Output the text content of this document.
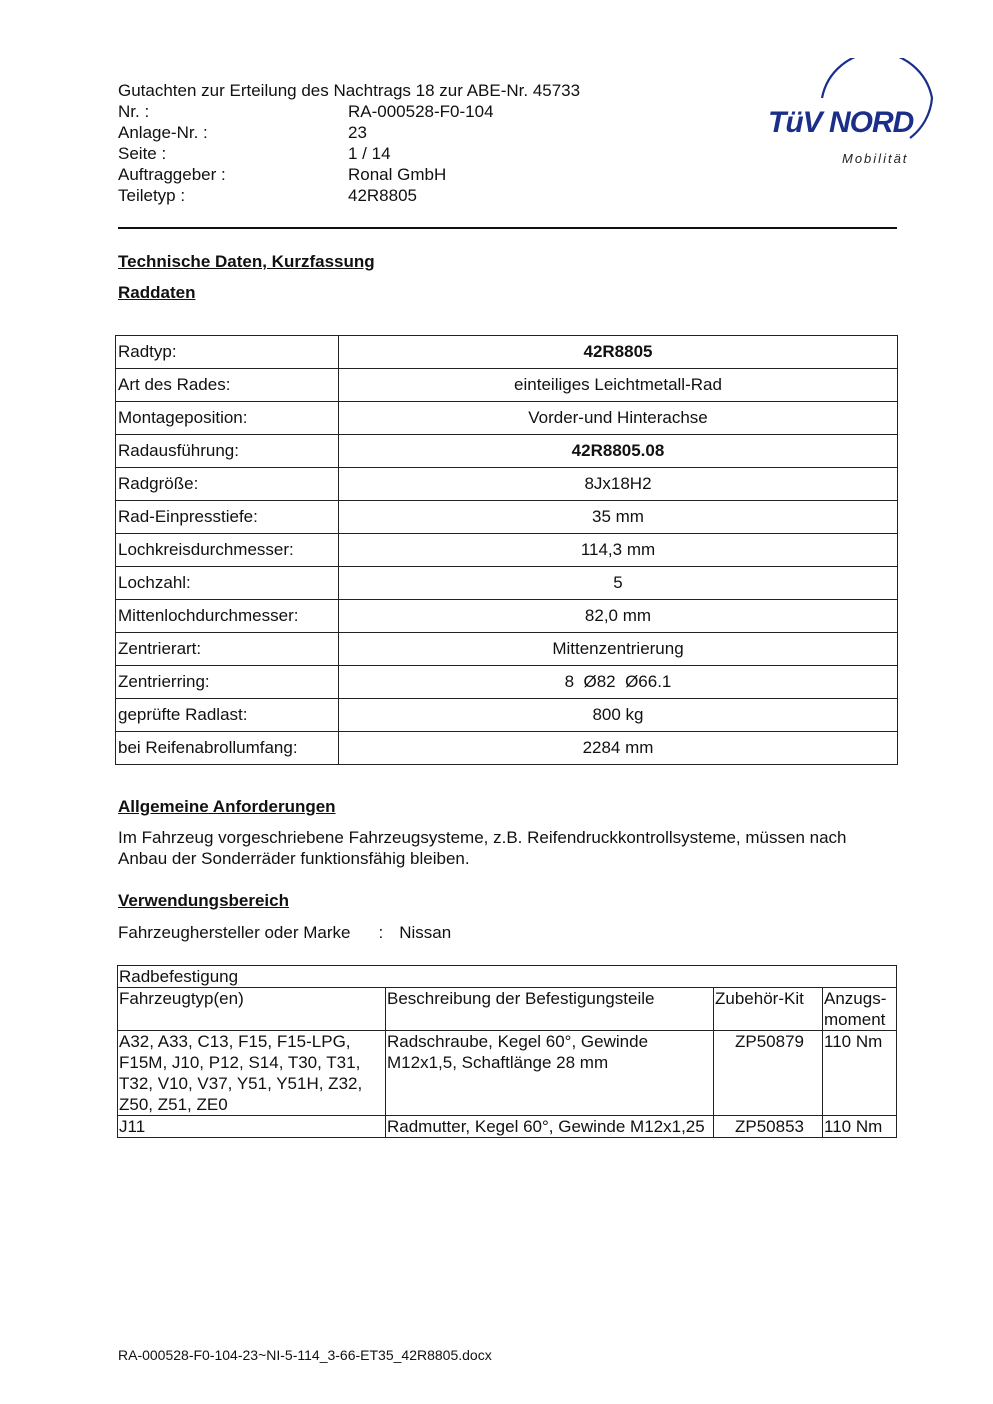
Gutachten zur Erteilung des Nachtrags 18 zur ABE-Nr. 45733
Nr. :	RA-000528-F0-104
Anlage-Nr. :	23
Seite :	1 / 14
Auftraggeber :	Ronal GmbH
Teiletyp :	42R8805
TüV NORD
Mobilität
Technische Daten, Kurzfassung
Raddaten
Radtyp:	42R8805
Art des Rades:	einteiliges Leichtmetall-Rad
Montageposition:	Vorder-und Hinterachse
Radausführung:	42R8805.08
Radgröße:	8Jx18H2
Rad-Einpresstiefe:	35 mm
Lochkreisdurchmesser:	114,3 mm
Lochzahl:	5
Mittenlochdurchmesser:	82,0 mm
Zentrierart:	Mittenzentrierung
Zentrierring:	8  Ø82  Ø66.1
geprüfte Radlast:	800 kg
bei Reifenabrollumfang:	2284 mm
Allgemeine Anforderungen
Im Fahrzeug vorgeschriebene Fahrzeugsysteme, z.B. Reifendruckkontrollsysteme, müssen nach Anbau der Sonderräder funktionsfähig bleiben.
Verwendungsbereich
Fahrzeughersteller oder Marke : Nissan
Radbefestigung			
Fahrzeugtyp(en)	Beschreibung der Befestigungsteile	Zubehör-Kit	Anzugs-moment
A32, A33, C13, F15, F15-LPG, F15M, J10, P12, S14, T30, T31, T32, V10, V37, Y51, Y51H, Z32, Z50, Z51, ZE0	Radschraube, Kegel 60°, Gewinde M12x1,5, Schaftlänge 28 mm	ZP50879	110 Nm
J11	Radmutter, Kegel 60°, Gewinde M12x1,25	ZP50853	110 Nm
RA-000528-F0-104-23~NI-5-114_3-66-ET35_42R8805.docx
